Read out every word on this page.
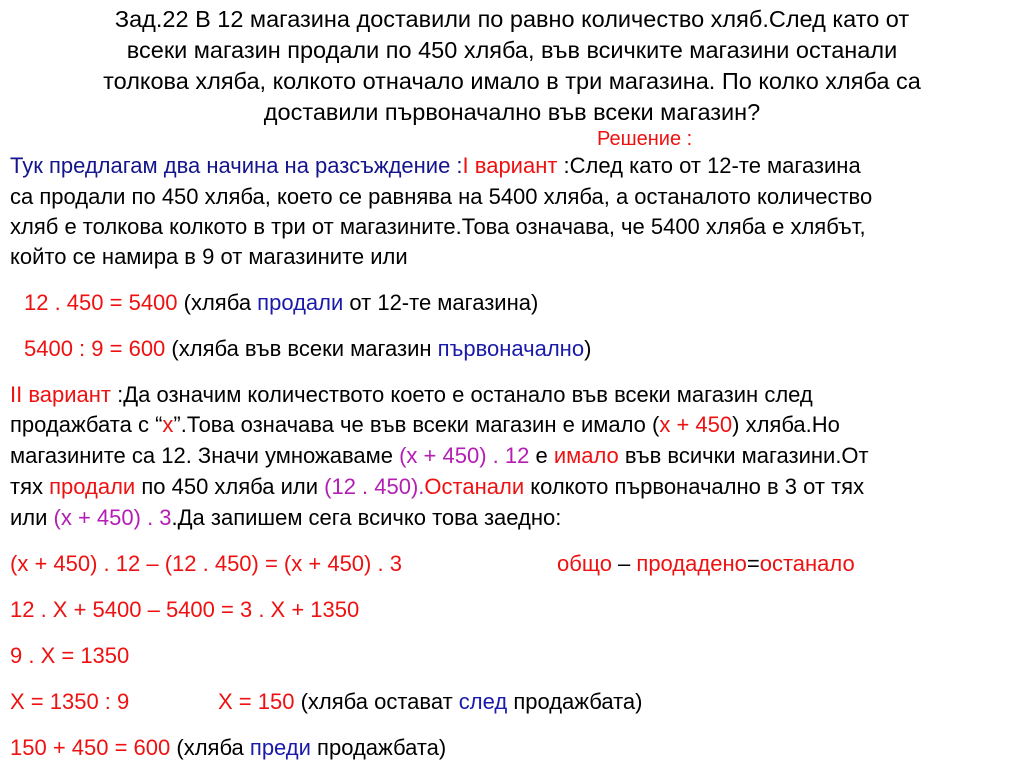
Зад.22 В 12 магазина доставили по равно количество хляб.След като от
всеки магазин продали по 450 хляба, във всичките магазини останали
толкова хляба, колкото отначало имало в три магазина. По колко хляба са
доставили първоначално във всеки магазин?
Решение :
Тук предлагам два начина на разсъждение :I вариант :След като от 12-те магазина
са продали по 450 хляба, което се равнява на 5400 хляба, а останалото количество
хляб е толкова колкото в три от магазините.Това означава, че 5400 хляба е хлябът,
който се намира в 9 от магазините или
12 . 450 = 5400 (хляба продали от 12-те магазина)
5400 : 9 = 600 (хляба във всеки магазин първоначално)
II вариант :Да означим количеството което е останало във всеки магазин след
продажбата с “x”.Това означава че във всеки магазин е имало (x + 450) хляба.Но
магазините са 12. Значи умножаваме (x + 450) . 12 е имало във всички магазини.От
тях продали по 450 хляба или (12 . 450).Останали колкото първоначално в 3 от тях
или (x + 450) . 3.Да запишем сега всичко това заедно:
(x + 450) . 12 – (12 . 450) = (x + 450) . 3	общо – продадено=останало
12 . X + 5400 – 5400 = 3 . X + 1350
9 . X = 1350
X = 1350 : 9	X = 150 (хляба остават след продажбата)
150 + 450 = 600 (хляба преди продажбата)
